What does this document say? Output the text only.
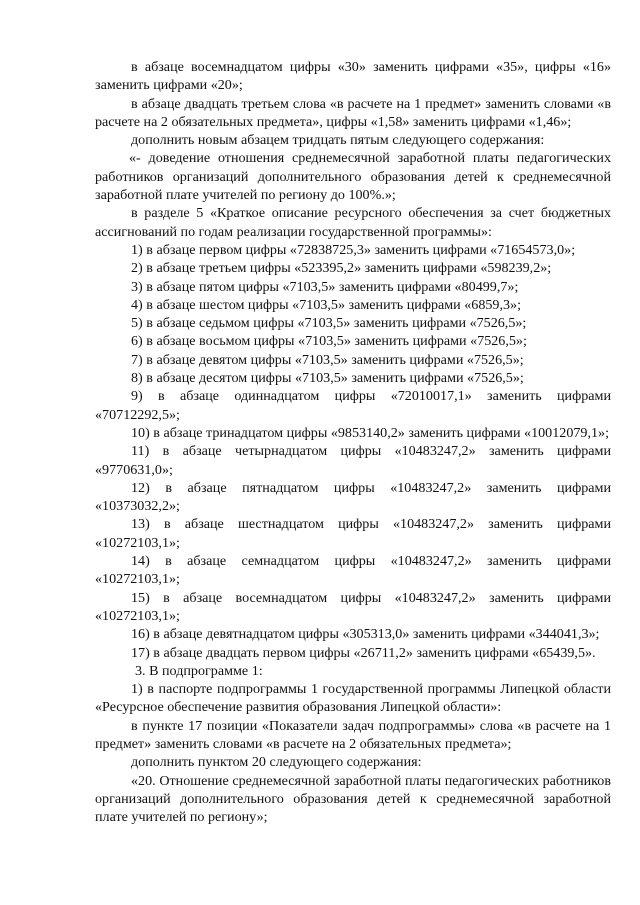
в абзаце восемнадцатом цифры «30» заменить цифрами «35», цифры «16» заменить цифрами «20»;

в абзаце двадцать третьем слова «в расчете на 1 предмет» заменить словами «в расчете на 2 обязательных предмета», цифры «1,58» заменить цифрами «1,46»;

дополнить новым абзацем тридцать пятым следующего содержания:

«- доведение отношения среднемесячной заработной платы педагогических работников организаций дополнительного образования детей к среднемесячной заработной плате учителей по региону до 100%.»;

в разделе 5 «Краткое описание ресурсного обеспечения за счет бюджетных ассигнований по годам реализации государственной программы»:

1) в абзаце первом цифры «72838725,3» заменить цифрами «71654573,0»;

2) в абзаце третьем цифры «523395,2» заменить цифрами «598239,2»;

3) в абзаце пятом цифры «7103,5» заменить цифрами «80499,7»;

4) в абзаце шестом цифры «7103,5» заменить цифрами «6859,3»;

5) в абзаце седьмом цифры «7103,5» заменить цифрами «7526,5»;

6) в абзаце восьмом цифры «7103,5» заменить цифрами «7526,5»;

7) в абзаце девятом цифры «7103,5» заменить цифрами «7526,5»;

8) в абзаце десятом цифры «7103,5» заменить цифрами «7526,5»;

9) в абзаце одиннадцатом цифры «72010017,1» заменить цифрами «70712292,5»;

10) в абзаце тринадцатом цифры «9853140,2» заменить цифрами «10012079,1»;

11) в абзаце четырнадцатом цифры «10483247,2» заменить цифрами «9770631,0»;

12) в абзаце пятнадцатом цифры «10483247,2» заменить цифрами «10373032,2»;

13) в абзаце шестнадцатом цифры «10483247,2» заменить цифрами «10272103,1»;

14) в абзаце семнадцатом цифры «10483247,2» заменить цифрами «10272103,1»;

15) в абзаце восемнадцатом цифры «10483247,2» заменить цифрами «10272103,1»;

16) в абзаце девятнадцатом цифры «305313,0» заменить цифрами «344041,3»;

17) в абзаце двадцать первом цифры «26711,2» заменить цифрами «65439,5».

3. В подпрограмме 1:

1) в паспорте подпрограммы 1 государственной программы Липецкой области «Ресурсное обеспечение развития образования Липецкой области»:

в пункте 17 позиции «Показатели задач подпрограммы» слова «в расчете на 1 предмет» заменить словами «в расчете на 2 обязательных предмета»;

дополнить пунктом 20 следующего содержания:

«20. Отношение среднемесячной заработной платы педагогических работников организаций дополнительного образования детей к среднемесячной заработной плате учителей по региону»;
